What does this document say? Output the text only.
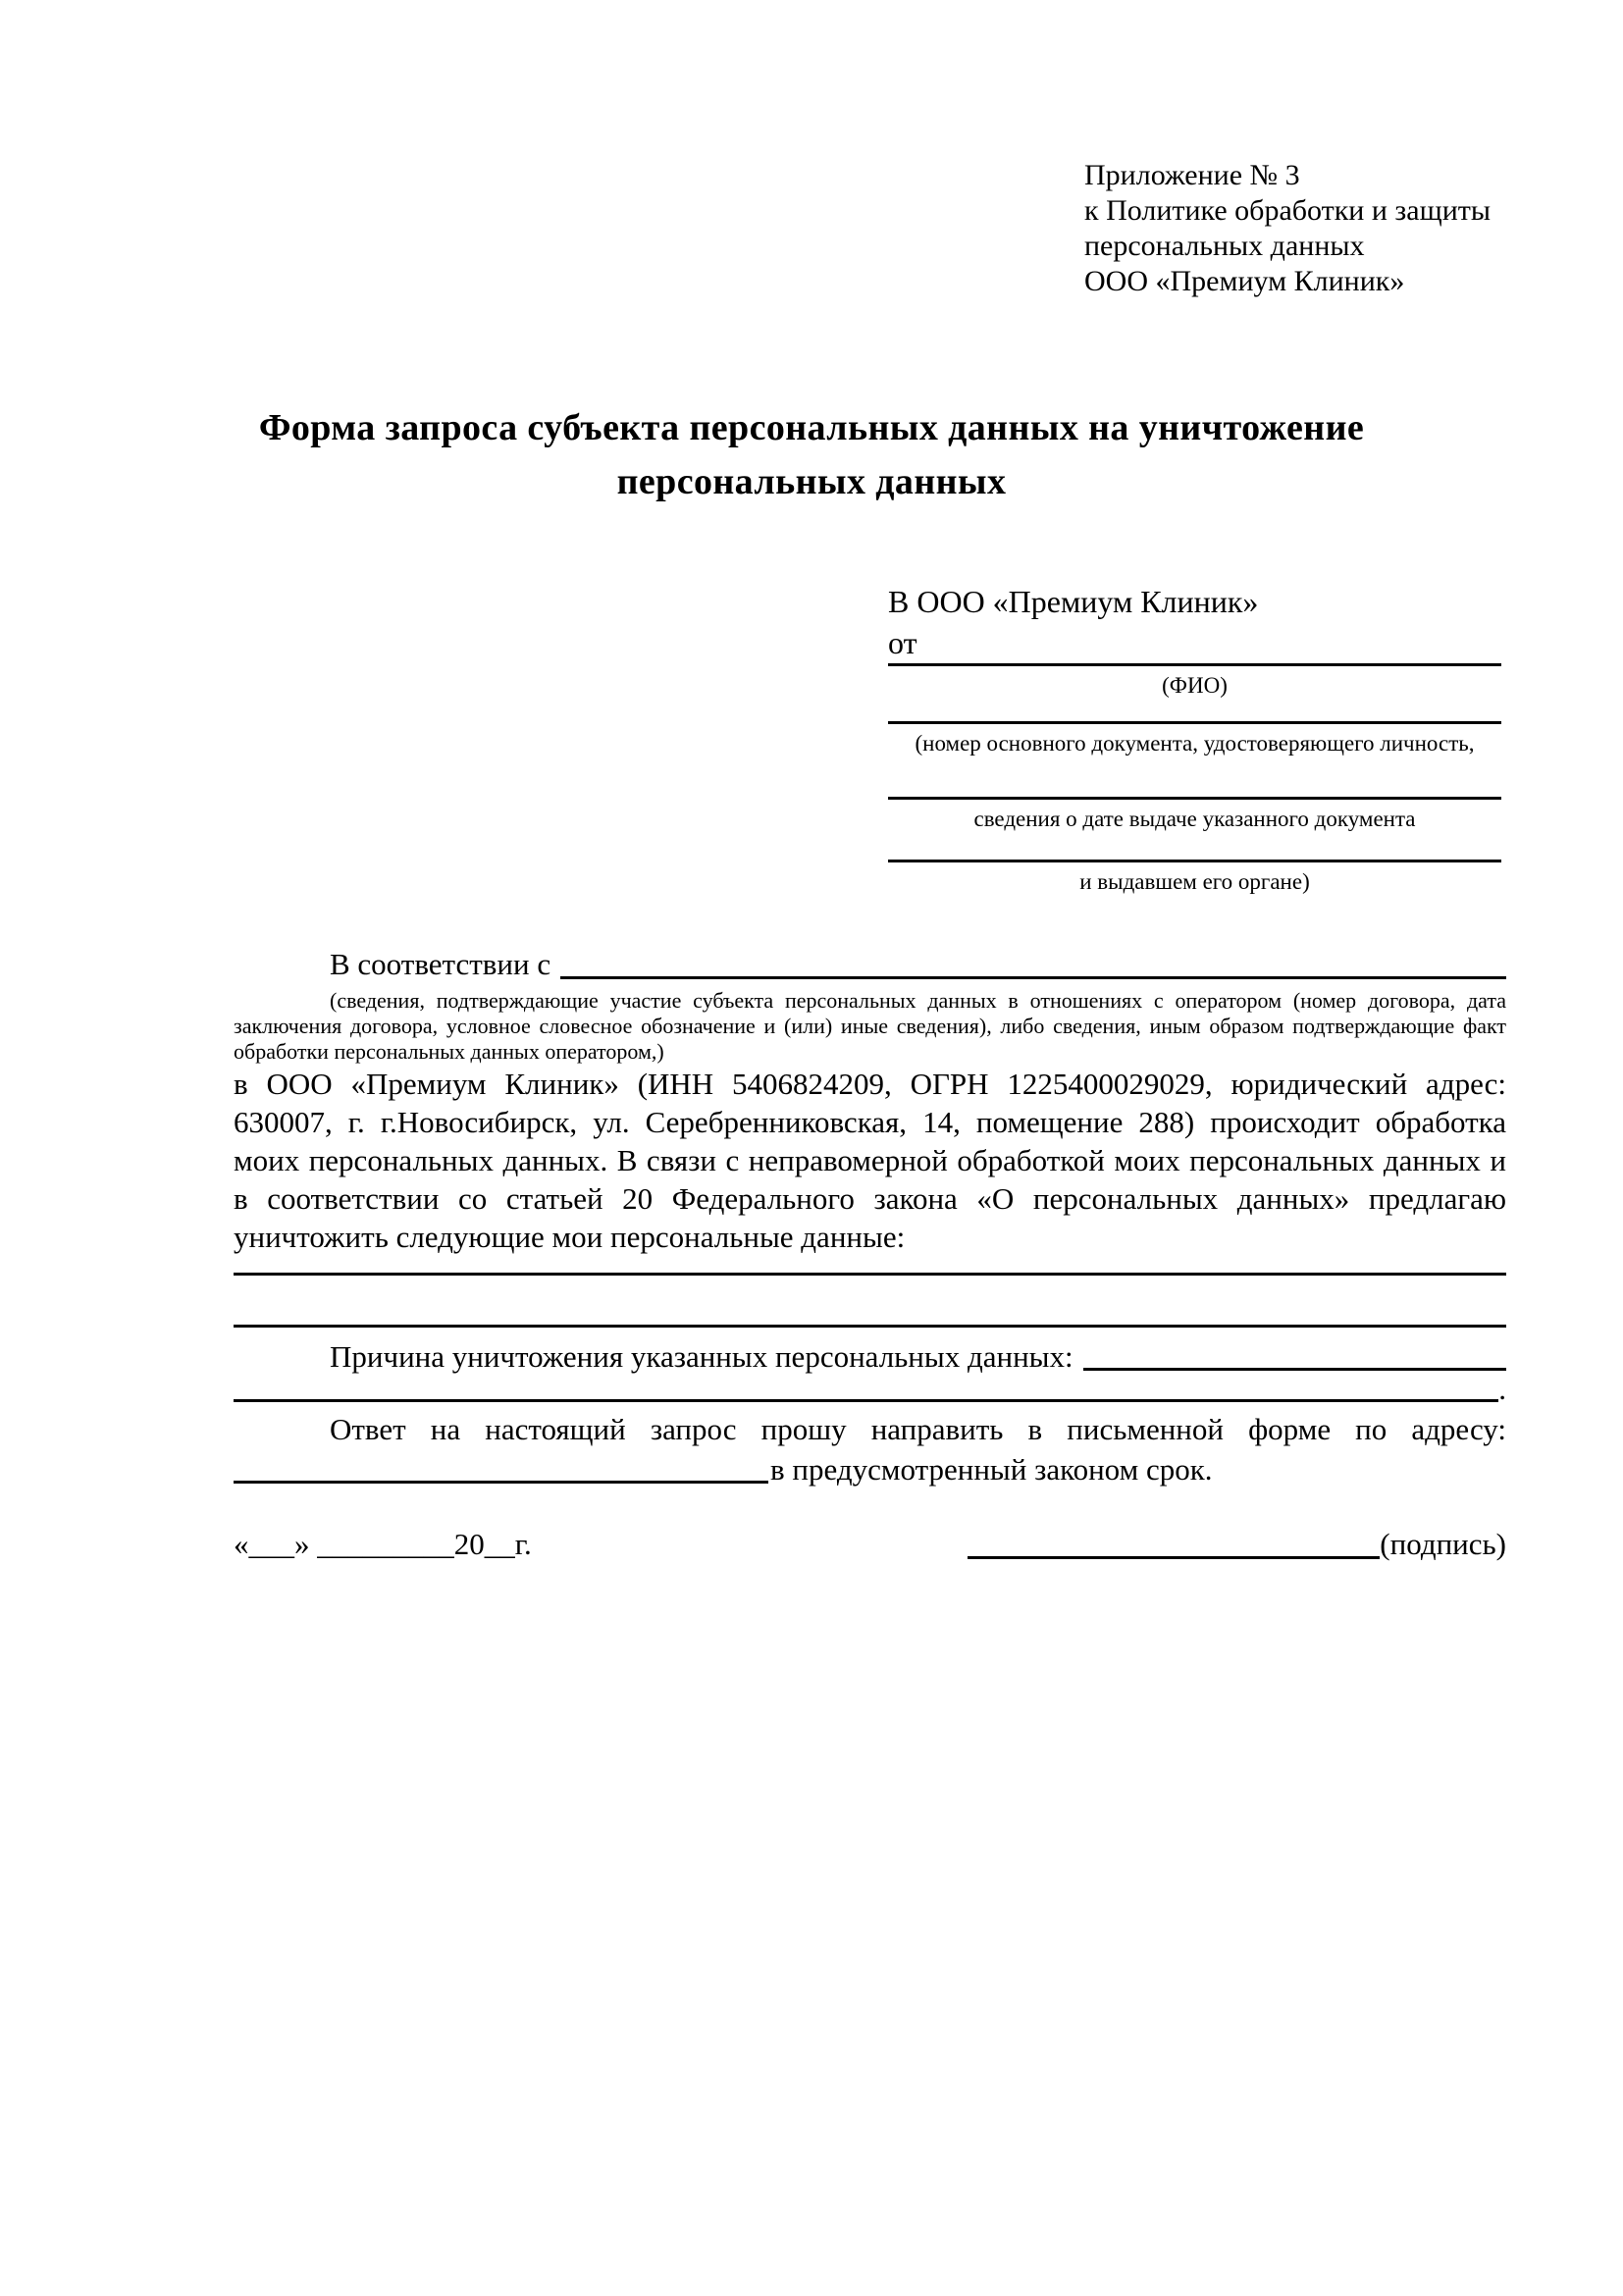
Приложение № 3
к Политике обработки и защиты
персональных данных
ООО «Премиум Клиник»
Форма запроса субъекта персональных данных на уничтожение
персональных данных
В ООО «Премиум Клиник»
от
(ФИО)
(номер основного документа, удостоверяющего личность,
сведения о дате выдаче указанного документа
и выдавшем его органе)
В соответствии с

(сведения, подтверждающие участие субъекта персональных данных в отношениях с оператором (номер договора, дата заключения договора, условное словесное обозначение и (или) иные сведения), либо сведения, иным образом подтверждающие факт обработки персональных данных оператором,)

в ООО «Премиум Клиник» (ИНН 5406824209, ОГРН 1225400029029, юридический адрес: 630007, г. г.Новосибирск, ул. Серебренниковская, 14, помещение 288) происходит обработка моих персональных данных. В связи с неправомерной обработкой моих персональных данных и в соответствии со статьей 20 Федерального закона «О персональных данных» предлагаю уничтожить следующие мои персональные данные:

Причина уничтожения указанных персональных данных:
.

Ответ на настоящий запрос прошу направить в письменной форме по адресу:

в предусмотренный законом срок.
«___» _________20__г.	(подпись)
